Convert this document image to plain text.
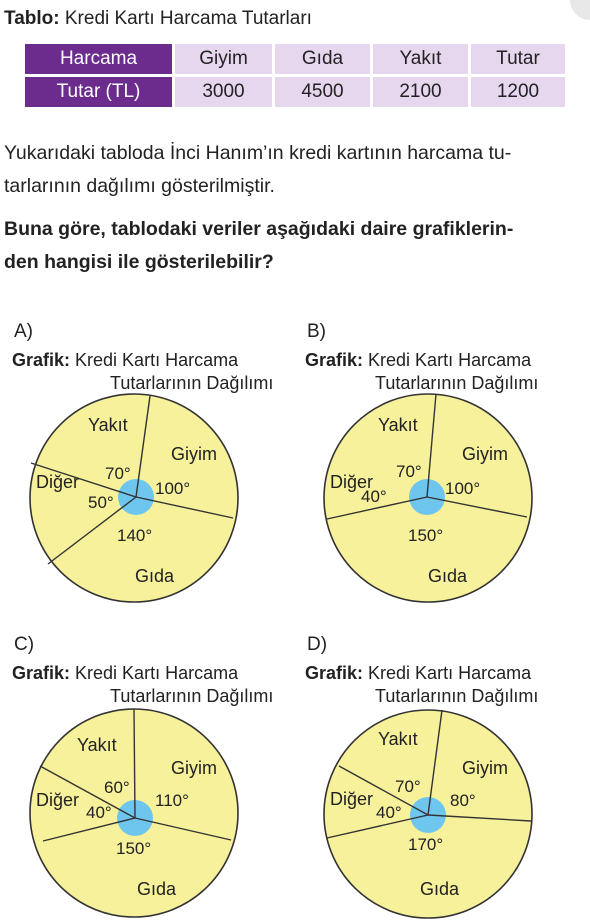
Tablo: Kredi Kartı Harcama Tutarları
Harcama	Giyim	Gıda	Yakıt	Tutar
Tutar (TL)	3000	4500	2100	1200
Yukarıdaki tabloda İnci Hanım’ın kredi kartının harcama tu-
tarlarının dağılımı gösterilmiştir.
Buna göre, tablodaki veriler aşağıdaki daire grafiklerin-
den hangisi ile gösterilebilir?
A)
Grafik: Kredi Kartı Harcama
Tutarlarının Dağılımı
Yakıt
Giyim
Diğer
Gıda
70°
100°
50°
140°
B)
Grafik: Kredi Kartı Harcama
Tutarlarının Dağılımı
Yakıt
Giyim
Diğer
Gıda
70°
100°
40°
150°
C)
Grafik: Kredi Kartı Harcama
Tutarlarının Dağılımı
Yakıt
Giyim
Diğer
Gıda
60°
110°
40°
150°
D)
Grafik: Kredi Kartı Harcama
Tutarlarının Dağılımı
Yakıt
Giyim
Diğer
Gıda
70°
80°
40°
170°
